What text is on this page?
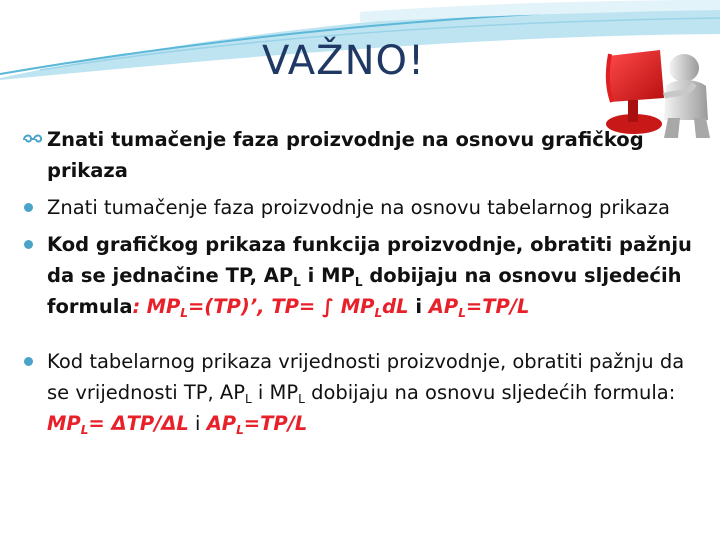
VAŽNO!
Znati tumačenje faza proizvodnje na osnovu grafičkog prikaza
Znati tumačenje faza proizvodnje na osnovu tabelarnog prikaza
Kod grafičkog prikaza funkcija proizvodnje, obratiti pažnju da se jednačine TP, $AP_L$ i $MP_L$ dobijaju na osnovu sljedećih formula: $MP_L=(TP)$’, TP= ∫ $MP_LdL$ i $AP_L=TP/L$
Kod tabelarnog prikaza vrijednosti proizvodnje, obratiti pažnju da se vrijednosti TP, $AP_L$ i $MP_L$ dobijaju na osnovu sljedećih formula: $MP_L= \Delta TP/\Delta L$ i $AP_L=TP/L$
